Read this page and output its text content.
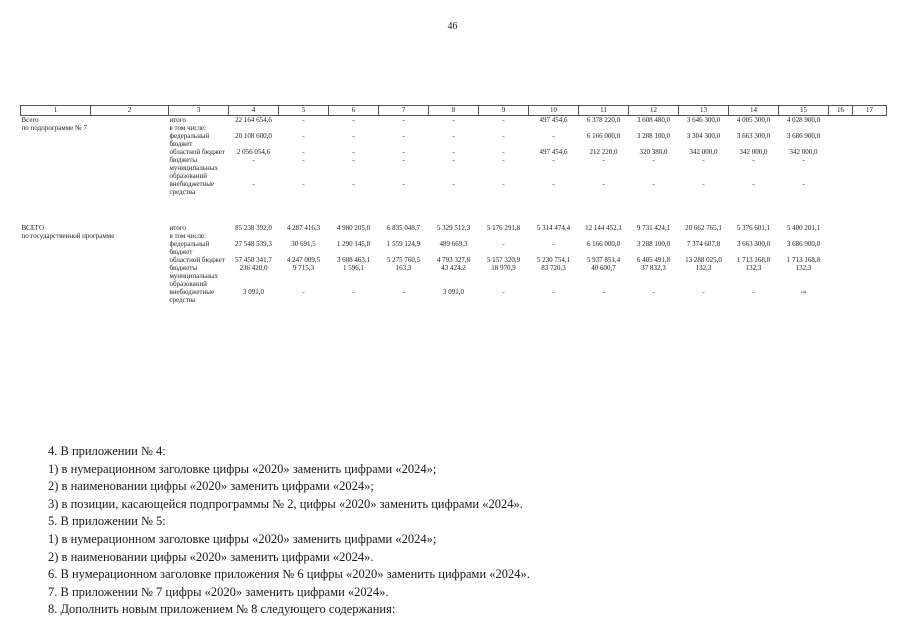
46
1	2	3	4	5	6	7	8	9	10	11	12	13	14	15	16	17
Всего
по подпрограмме № 7		итого	22 164 654,6	-	-	-	-	-	497 454,6	6 378 220,0	3 608 480,0	3 646 300,0	4 005 300,0	4 028 900,0		
		в том числе:														
		федеральный бюджет	20 108 600,0	-	-	-	-	-	-	6 166 000,0	3 288 100,0	3 304 300,0	3 663 300,0	3 686 900,0		
		областной бюджет	2 056 054,6	-	-	-	-	-	497 454,6	212 220,0	320 380,0	342 000,0	342 000,0	342 000,0		
		бюджеты муниципальных образований	-	-	-	-	-	-	-	-	-	-	-	-		
		внебюджетные средства	-	-	-	-	-	-	-	-	-	-	-	-		

ВСЕГО
по государственной программе		итого	85 238 392,0	4 287 416,3	4 980 205,0	6 835 048,7	5 329 512,3	5 176 291,8	5 314 474,4	12 144 452,1	9 731 424,1	20 662 765,1	5 376 601,1	5 400 201,1		
		в том числе:														
		федеральный бюджет	27 548 539,3	30 691,5	1 290 145,8	1 559 124,9	489 669,3	-	-	6 166 000,0	3 288 100,0	7 374 607,8	3 663 300,0	3 686 900,0		
		областной бюджет	57 450 341,7	4 247 009,5	3 688 463,1	5 275 760,5	4 793 327,8	5 157 320,9	5 230 754,1	5 937 851,4	6 405 491,8	13 288 025,0	1 713 168,8	1 713 168,8		
		бюджеты муниципальных образований	236 420,0	9 715,3	1 596,1	163,3	43 424,2	18 970,9	83 720,3	40 600,7	37 832,3	132,3	132,3	132,3		
		внебюджетные средства	3 091,0	-	-	-	3 091,0	-	-	-	-	-	-	-»		

4. В приложении № 4:

1) в нумерационном заголовке цифры «2020» заменить цифрами «2024»;

2) в наименовании цифры «2020» заменить цифрами «2024»;

3) в позиции, касающейся подпрограммы № 2, цифры «2020» заменить цифрами «2024».

5. В приложении № 5:

1) в нумерационном заголовке цифры «2020» заменить цифрами «2024»;

2) в наименовании цифры «2020» заменить цифрами «2024».

6. В нумерационном заголовке приложения № 6 цифры «2020» заменить цифрами «2024».

7. В приложении № 7 цифры «2020» заменить цифрами «2024».

8. Дополнить новым приложением № 8 следующего содержания:
